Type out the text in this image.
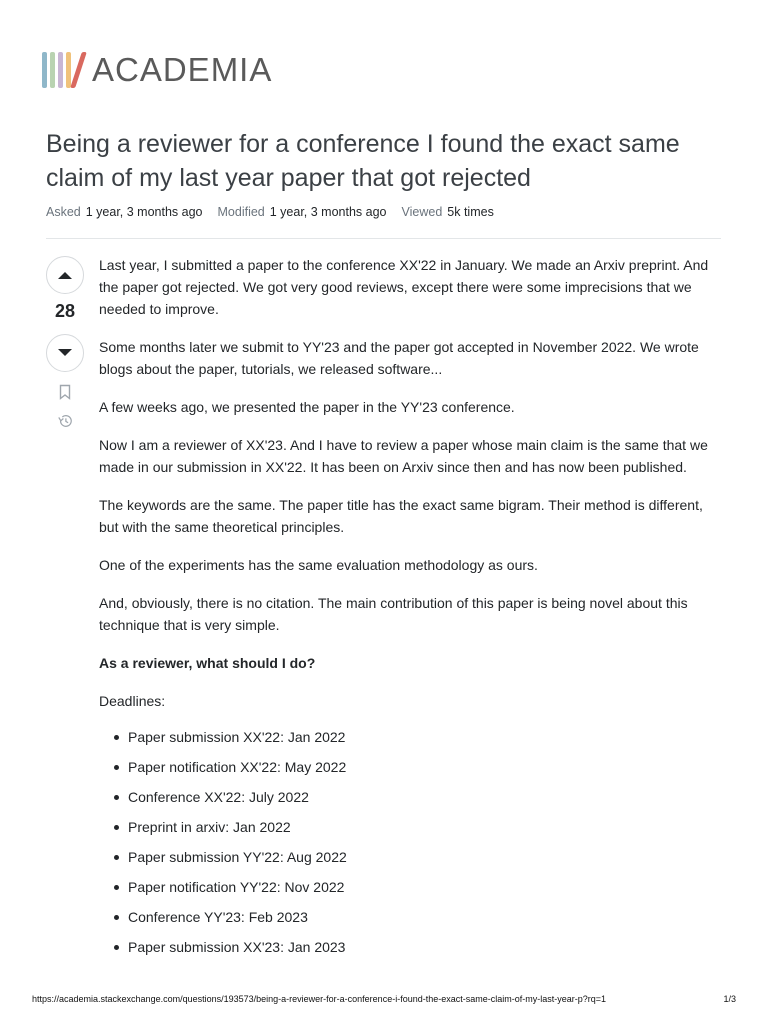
ACADEMIA
Being a reviewer for a conference I found the exact same claim of my last year paper that got rejected
Asked 1 year, 3 months ago Modified 1 year, 3 months ago Viewed 5k times
28

Last year, I submitted a paper to the conference XX'22 in January. We made an Arxiv preprint. And the paper got rejected. We got very good reviews, except there were some imprecisions that we needed to improve.

Some months later we submit to YY'23 and the paper got accepted in November 2022. We wrote blogs about the paper, tutorials, we released software...

A few weeks ago, we presented the paper in the YY'23 conference.

Now I am a reviewer of XX'23. And I have to review a paper whose main claim is the same that we made in our submission in XX'22. It has been on Arxiv since then and has now been published.

The keywords are the same. The paper title has the exact same bigram. Their method is different, but with the same theoretical principles.

One of the experiments has the same evaluation methodology as ours.

And, obviously, there is no citation. The main contribution of this paper is being novel about this technique that is very simple.

As a reviewer, what should I do?

Deadlines:

Paper submission XX'22: Jan 2022
Paper notification XX'22: May 2022
Conference XX'22: July 2022
Preprint in arxiv: Jan 2022
Paper submission YY'22: Aug 2022
Paper notification YY'22: Nov 2022
Conference YY'23: Feb 2023
Paper submission XX'23: Jan 2023
https://academia.stackexchange.com/questions/193573/being-a-reviewer-for-a-conference-i-found-the-exact-same-claim-of-my-last-year-p?rq=1	1/3
